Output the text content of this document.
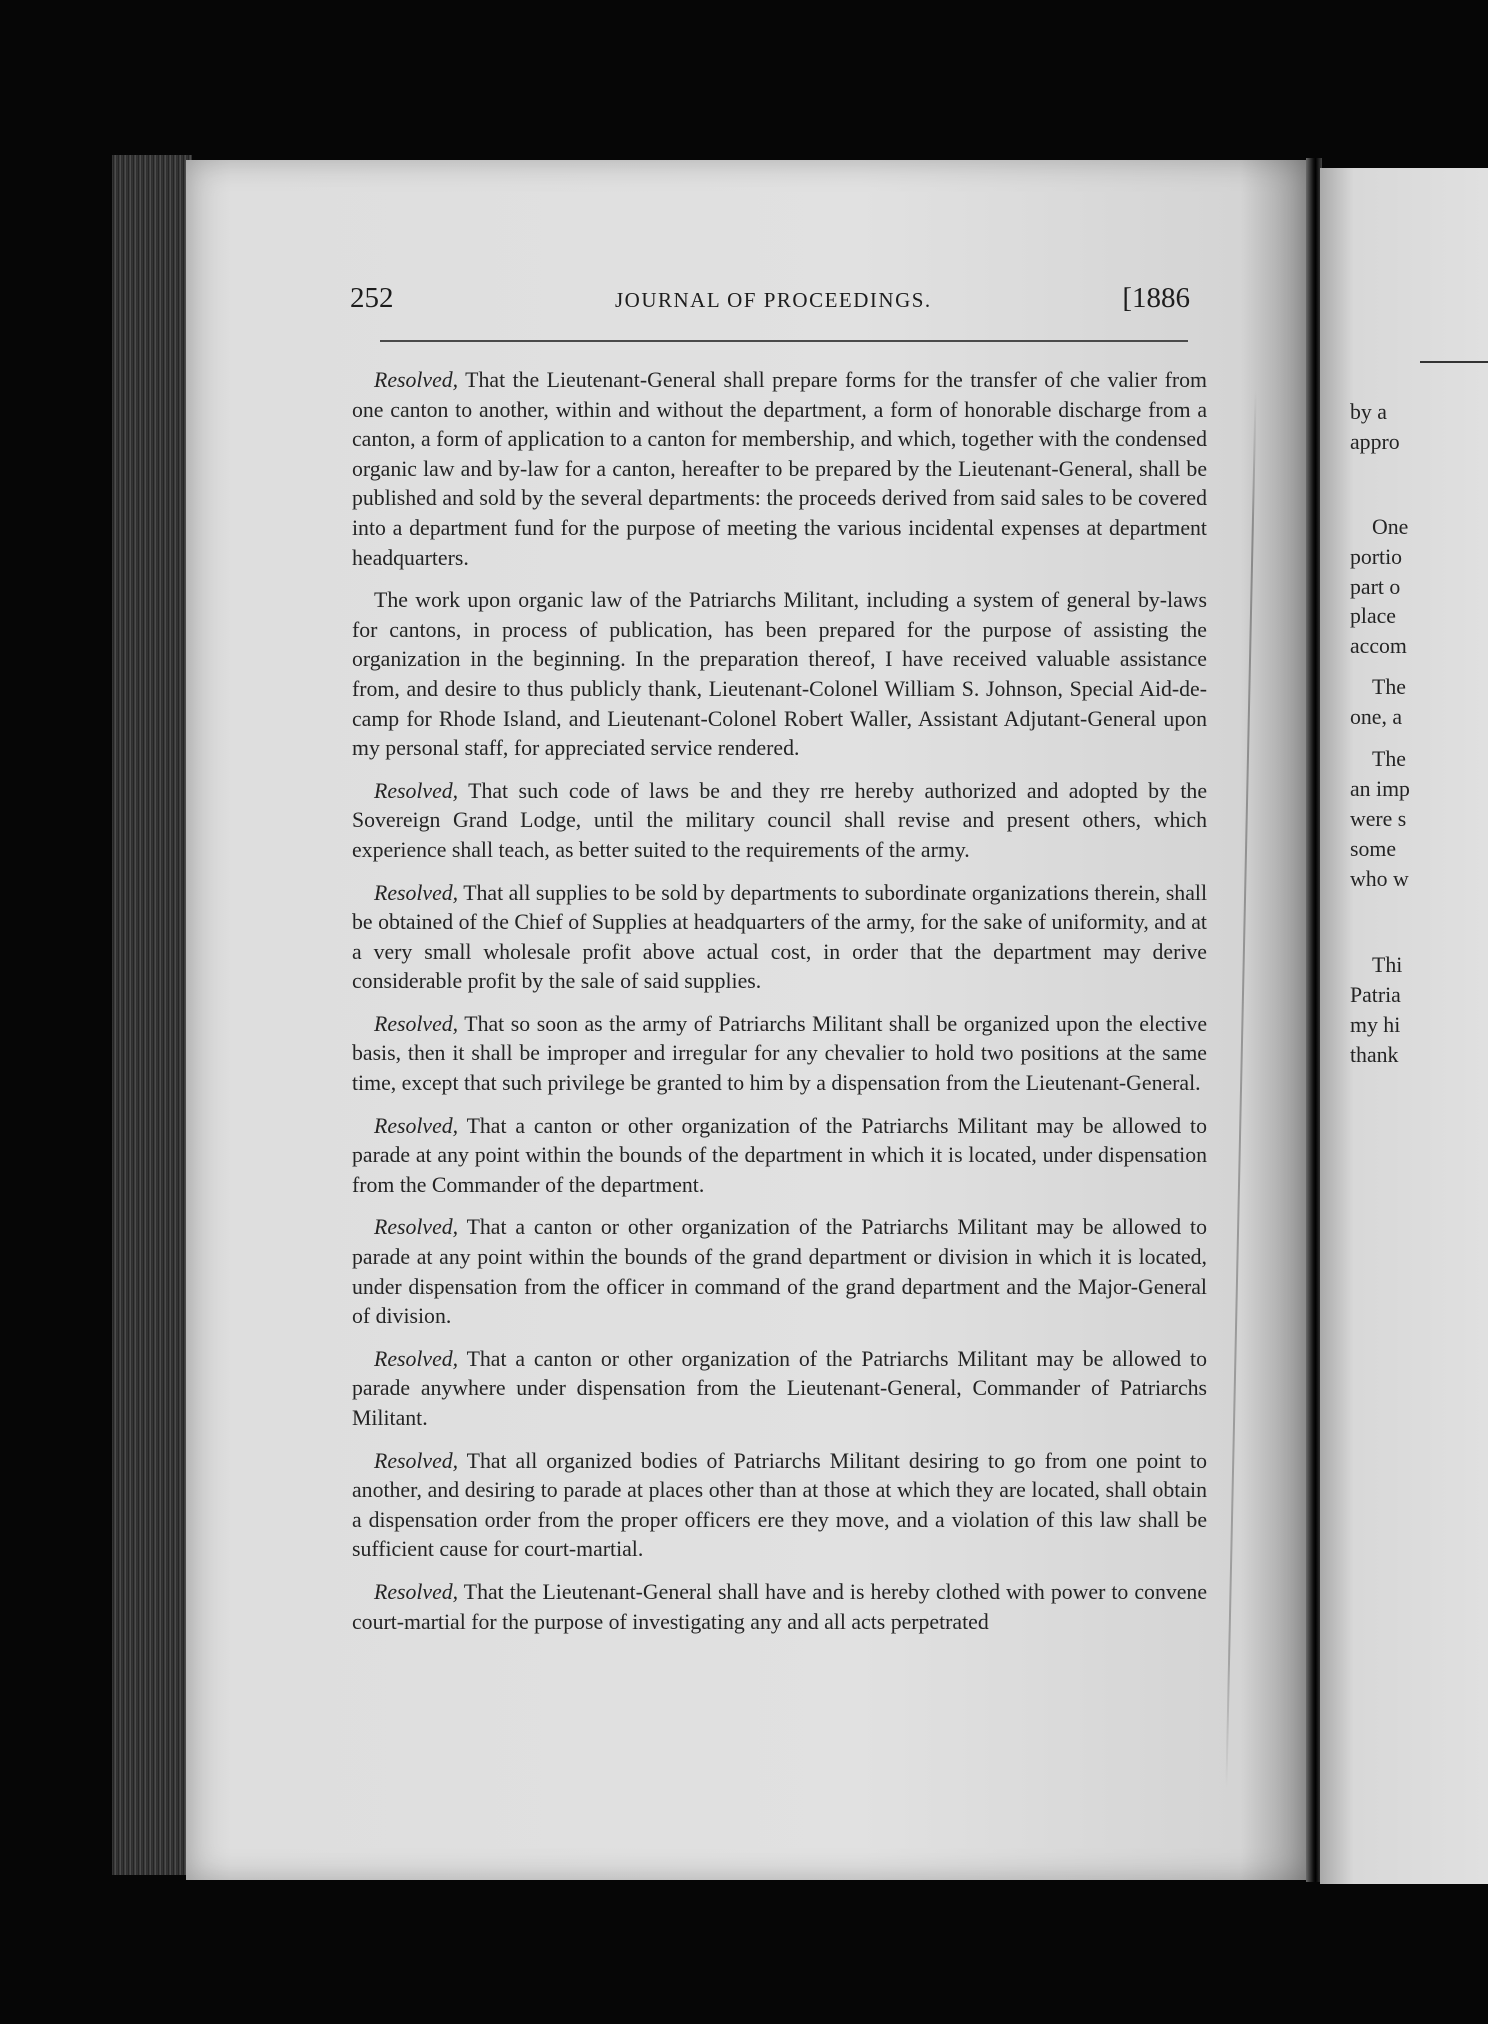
by a
appro
One
portio
part o
place
accom
The
one, a
The
an imp
were s
some
who w
Thi
Patria
my hi
thank
252	JOURNAL OF PROCEEDINGS.	[1886

Resolved, That the Lieutenant-General shall prepare forms for the transfer of che valier from one canton to another, within and without the department, a form of honorable discharge from a canton, a form of application to a canton for membership, and which, together with the condensed organic law and by-law for a canton, hereafter to be prepared by the Lieutenant-General, shall be published and sold by the several departments: the proceeds derived from said sales to be covered into a department fund for the purpose of meeting the various incidental expenses at department headquarters.

The work upon organic law of the Patriarchs Militant, including a system of general by-laws for cantons, in process of publication, has been prepared for the purpose of assisting the organization in the beginning. In the preparation thereof, I have received valuable assistance from, and desire to thus publicly thank, Lieutenant-Colonel William S. Johnson, Special Aid-de-camp for Rhode Island, and Lieutenant-Colonel Robert Waller, Assistant Adjutant-General upon my personal staff, for appreciated service rendered.

Resolved, That such code of laws be and they rre hereby authorized and adopted by the Sovereign Grand Lodge, until the military council shall revise and present others, which experience shall teach, as better suited to the requirements of the army.

Resolved, That all supplies to be sold by departments to subordinate organizations therein, shall be obtained of the Chief of Supplies at headquarters of the army, for the sake of uniformity, and at a very small wholesale profit above actual cost, in order that the department may derive considerable profit by the sale of said supplies.

Resolved, That so soon as the army of Patriarchs Militant shall be organized upon the elective basis, then it shall be improper and irregular for any chevalier to hold two positions at the same time, except that such privilege be granted to him by a dispensation from the Lieutenant-General.

Resolved, That a canton or other organization of the Patriarchs Militant may be allowed to parade at any point within the bounds of the department in which it is located, under dispensation from the Commander of the department.

Resolved, That a canton or other organization of the Patriarchs Militant may be allowed to parade at any point within the bounds of the grand department or division in which it is located, under dispensation from the officer in command of the grand department and the Major-General of division.

Resolved, That a canton or other organization of the Patriarchs Militant may be allowed to parade anywhere under dispensation from the Lieutenant-General, Commander of Patriarchs Militant.

Resolved, That all organized bodies of Patriarchs Militant desiring to go from one point to another, and desiring to parade at places other than at those at which they are located, shall obtain a dispensation order from the proper officers ere they move, and a violation of this law shall be sufficient cause for court-martial.

Resolved, That the Lieutenant-General shall have and is hereby clothed with power to convene court-martial for the purpose of investigating any and all acts perpetrated
